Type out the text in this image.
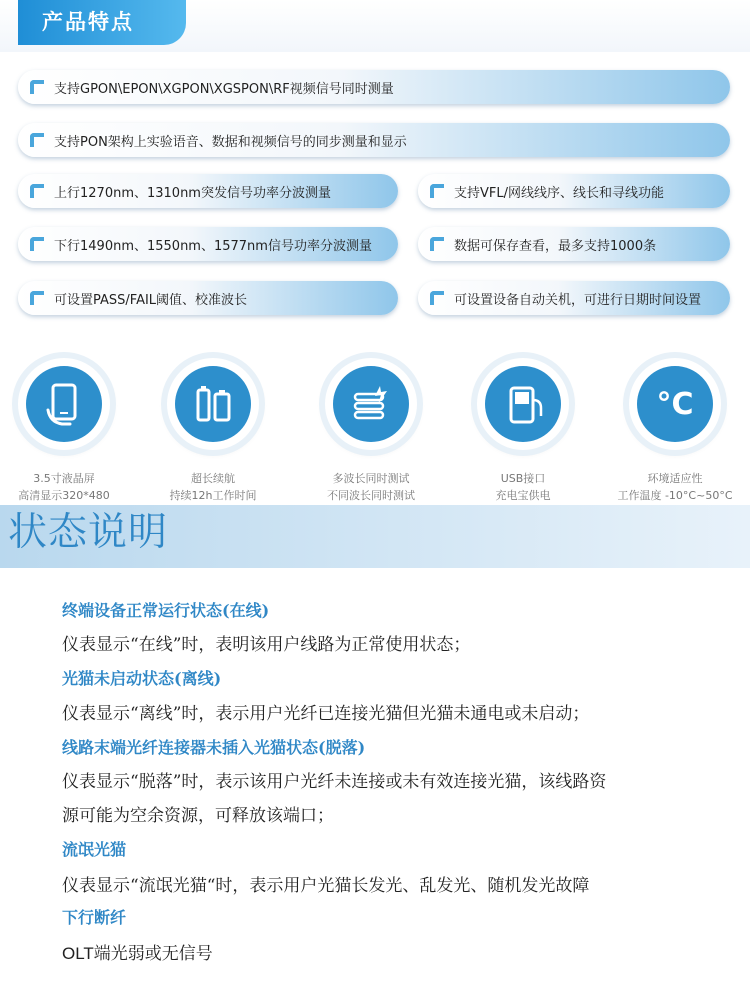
产品特点
支持GPON\EPON\XGPON\XGSPON\RF视频信号同时测量
支持PON架构上实验语音、数据和视频信号的同步测量和显示
上行1270nm、1310nm突发信号功率分波测量	支持VFL/网线线序、线长和寻线功能
下行1490nm、1550nm、1577nm信号功率分波测量	数据可保存查看，最多支持1000条
可设置PASS/FAIL阈值、校准波长	可设置设备自动关机，可进行日期时间设置
3.5寸液晶屏
高清显示320*480
超长续航
持续12h工作时间
多波长同时测试
不同波长同时测试
USB接口
充电宝供电
°C
环境适应性
工作温度 -10°C~50°C
状态说明
终端设备正常运行状态(在线)
仪表显示“在线”时，表明该用户线路为正常使用状态；
光猫未启动状态(离线)
仪表显示“离线”时，表示用户光纤已连接光猫但光猫未通电或未启动；
线路末端光纤连接器未插入光猫状态(脱落)
仪表显示“脱落”时，表示该用户光纤未连接或未有效连接光猫，该线路资
源可能为空余资源，可释放该端口；
流氓光猫
仪表显示“流氓光猫“时，表示用户光猫长发光、乱发光、随机发光故障
下行断纤
OLT端光弱或无信号
